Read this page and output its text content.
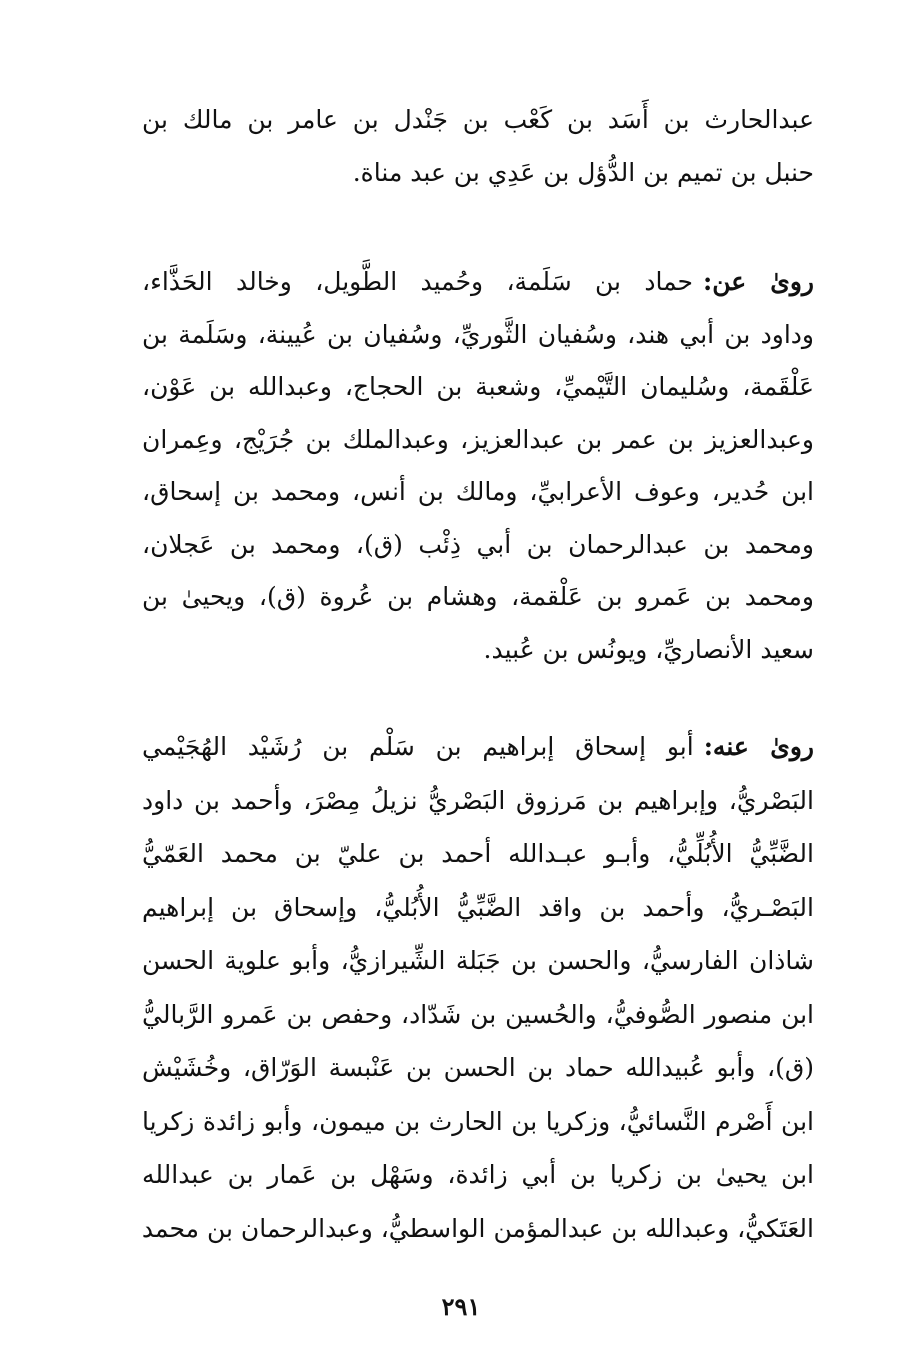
عبدالحارث بن أَسَد بن كَعْب بن جَنْدل بن عامر بن مالك بن
حنبل بن تميم بن الدُّؤل بن عَدِي بن عبد مناة.
روىٰ عن:حماد بن سَلَمة، وحُميد الطَّويل، وخالد الحَذَّاء،
وداود بن أبي هند، وسُفيان الثَّوريِّ، وسُفيان بن عُيينة، وسَلَمة بن
عَلْقَمة، وسُليمان التَّيْميِّ، وشعبة بن الحجاج، وعبدالله بن عَوْن،
وعبدالعزيز بن عمر بن عبدالعزيز، وعبدالملك بن جُرَيْج، وعِمران
ابن حُدير، وعوف الأعرابيِّ، ومالك بن أنس، ومحمد بن إسحاق،
ومحمد بن عبدالرحمان بن أبي ذِئْب (ق)، ومحمد بن عَجلان،
ومحمد بن عَمرو بن عَلْقمة، وهشام بن عُروة (ق)، ويحيىٰ بن
سعيد الأنصاريِّ، ويونُس بن عُبيد.
روىٰ عنه:أبو إسحاق إبراهيم بن سَلْم بن رُشَيْد الهُجَيْمي
البَصْريُّ، وإبراهيم بن مَرزوق البَصْريُّ نزيلُ مِصْرَ، وأحمد بن داود
الضَّبِّيُّ الأُبُلِّيُّ، وأبـو عبـدالله أحمد بن عليّ بن محمد العَمّيُّ
البَصْـريُّ، وأحمد بن واقد الضَّبِّيُّ الأُبُليُّ، وإسحاق بن إبراهيم
شاذان الفارسيُّ، والحسن بن جَبَلة الشِّيرازيُّ، وأبو علوية الحسن
ابن منصور الصُّوفيُّ، والحُسين بن شَدّاد، وحفص بن عَمرو الرَّباليُّ
(ق)، وأبو عُبيدالله حماد بن الحسن بن عَنْبسة الوَرّاق، وخُشَيْش
ابن أَصْرم النَّسائيُّ، وزكريا بن الحارث بن ميمون، وأبو زائدة زكريا
ابن يحيىٰ بن زكريا بن أبي زائدة، وسَهْل بن عَمار بن عبدالله
العَتَكيُّ، وعبدالله بن عبدالمؤمن الواسطيُّ، وعبدالرحمان بن محمد
٢٩١
